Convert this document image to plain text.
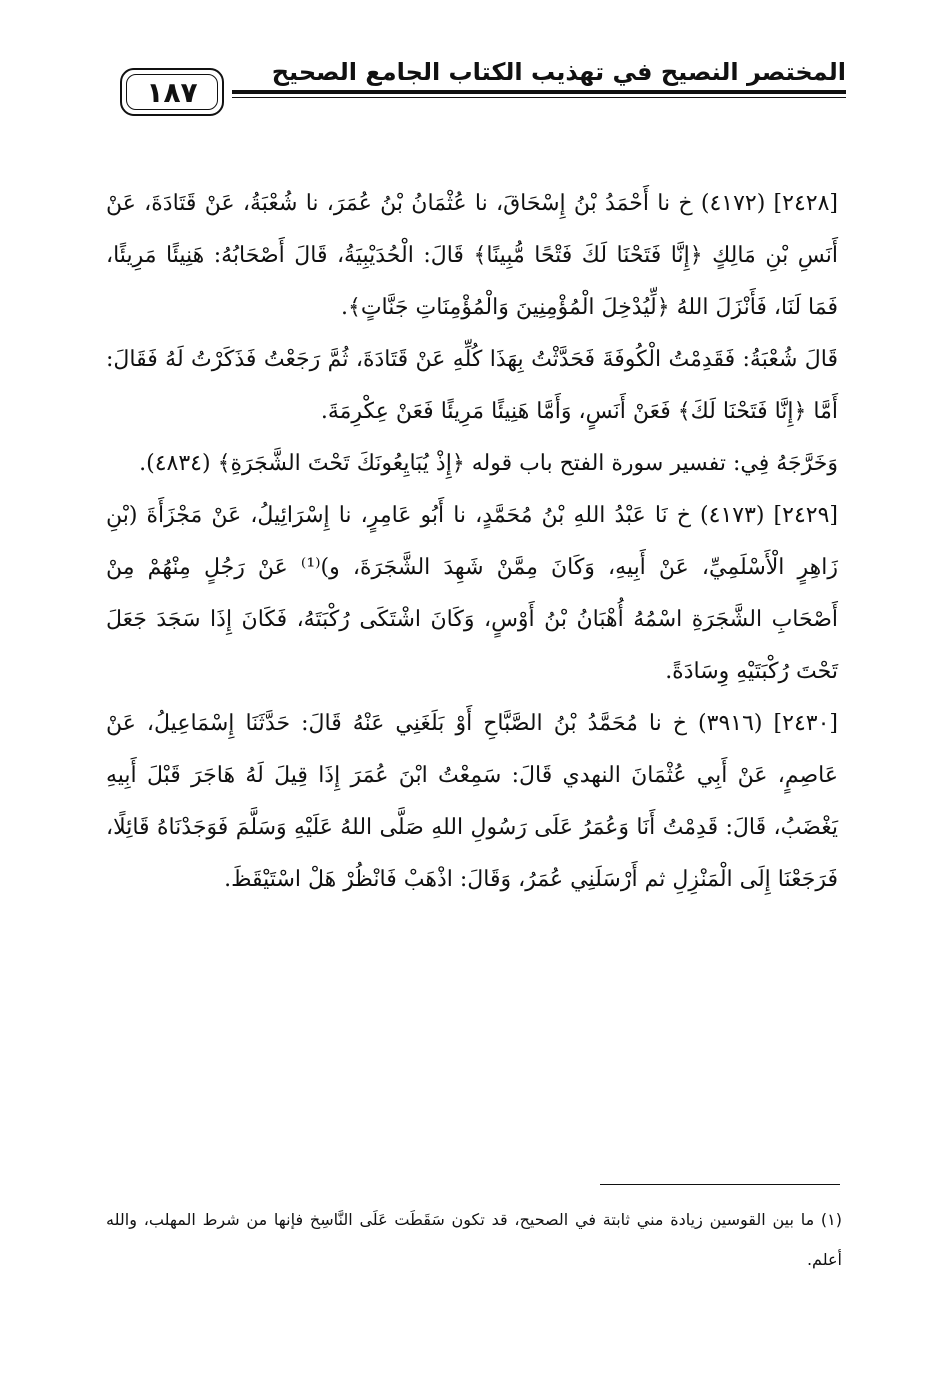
المختصر النصيح في تهذيب الكتاب الجامع الصحيح
١٨٧

[٢٤٢٨] (٤١٧٢) خ نا أَحْمَدُ بْنُ إِسْحَاقَ، نا عُثْمَانُ بْنُ عُمَرَ، نا شُعْبَةُ، عَنْ قَتَادَةَ، عَنْ أَنَسِ بْنِ مَالِكٍ ﴿إِنَّا فَتَحْنَا لَكَ فَتْحًا مُّبِينًا﴾ قَالَ: الْحُدَيْبِيَةُ، قَالَ أَصْحَابُهُ: هَنِيئًا مَرِيئًا، فَمَا لَنَا، فَأَنْزَلَ اللهُ ﴿لِّيُدْخِلَ الْمُؤْمِنِينَ وَالْمُؤْمِنَاتِ جَنَّاتٍ﴾.

قَالَ شُعْبَةُ: فَقَدِمْتُ الْكُوفَةَ فَحَدَّثْتُ بِهَذَا كُلِّهِ عَنْ قَتَادَةَ، ثُمَّ رَجَعْتُ فَذَكَرْتُ لَهُ فَقَالَ: أَمَّا ﴿إِنَّا فَتَحْنَا لَكَ﴾ فَعَنْ أَنَسٍ، وَأَمَّا هَنِيئًا مَرِيئًا فَعَنْ عِكْرِمَةَ.

وَخَرَّجَهُ فِي: تفسير سورة الفتح باب قوله ﴿إِذْ يُبَايِعُونَكَ تَحْتَ الشَّجَرَةِ﴾ (٤٨٣٤).

[٢٤٢٩] (٤١٧٣) خ نَا عَبْدُ اللهِ بْنُ مُحَمَّدٍ، نا أَبُو عَامِرٍ، نا إِسْرَائِيلُ، عَنْ مَجْزَأَةَ (بْنِ زَاهِرٍ الْأَسْلَمِيِّ، عَنْ أَبِيهِ، وَكَانَ مِمَّنْ شَهِدَ الشَّجَرَةَ، و)⁽¹⁾ عَنْ رَجُلٍ مِنْهُمْ مِنْ أَصْحَابِ الشَّجَرَةِ اسْمُهُ أُهْبَانُ بْنُ أَوْسٍ، وَكَانَ اشْتَكَى رُكْبَتَهُ، فَكَانَ إِذَا سَجَدَ جَعَلَ تَحْتَ رُكْبَتَيْهِ وِسَادَةً.

[٢٤٣٠] (٣٩١٦) خ نا مُحَمَّدُ بْنُ الصَّبَّاحِ أَوْ بَلَغَنِي عَنْهُ قَالَ: حَدَّثَنَا إِسْمَاعِيلُ، عَنْ عَاصِمٍ، عَنْ أَبِي عُثْمَانَ النهدي قَالَ: سَمِعْتُ ابْنَ عُمَرَ إِذَا قِيلَ لَهُ هَاجَرَ قَبْلَ أَبِيهِ يَغْضَبُ، قَالَ: قَدِمْتُ أَنَا وَعُمَرُ عَلَى رَسُولِ اللهِ صَلَّى اللهُ عَلَيْهِ وَسَلَّمَ فَوَجَدْنَاهُ قَائِلًا، فَرَجَعْنَا إِلَى الْمَنْزِلِ ثم أَرْسَلَنِي عُمَرُ، وَقَالَ: اذْهَبْ فَانْظُرْ هَلْ اسْتَيْقَظَ.

(١) ما بين القوسين زيادة مني ثابتة في الصحيح، قد تكون سَقَطَت عَلَى النَّاسِخ فإنها من شرط المهلب، والله أعلم.
